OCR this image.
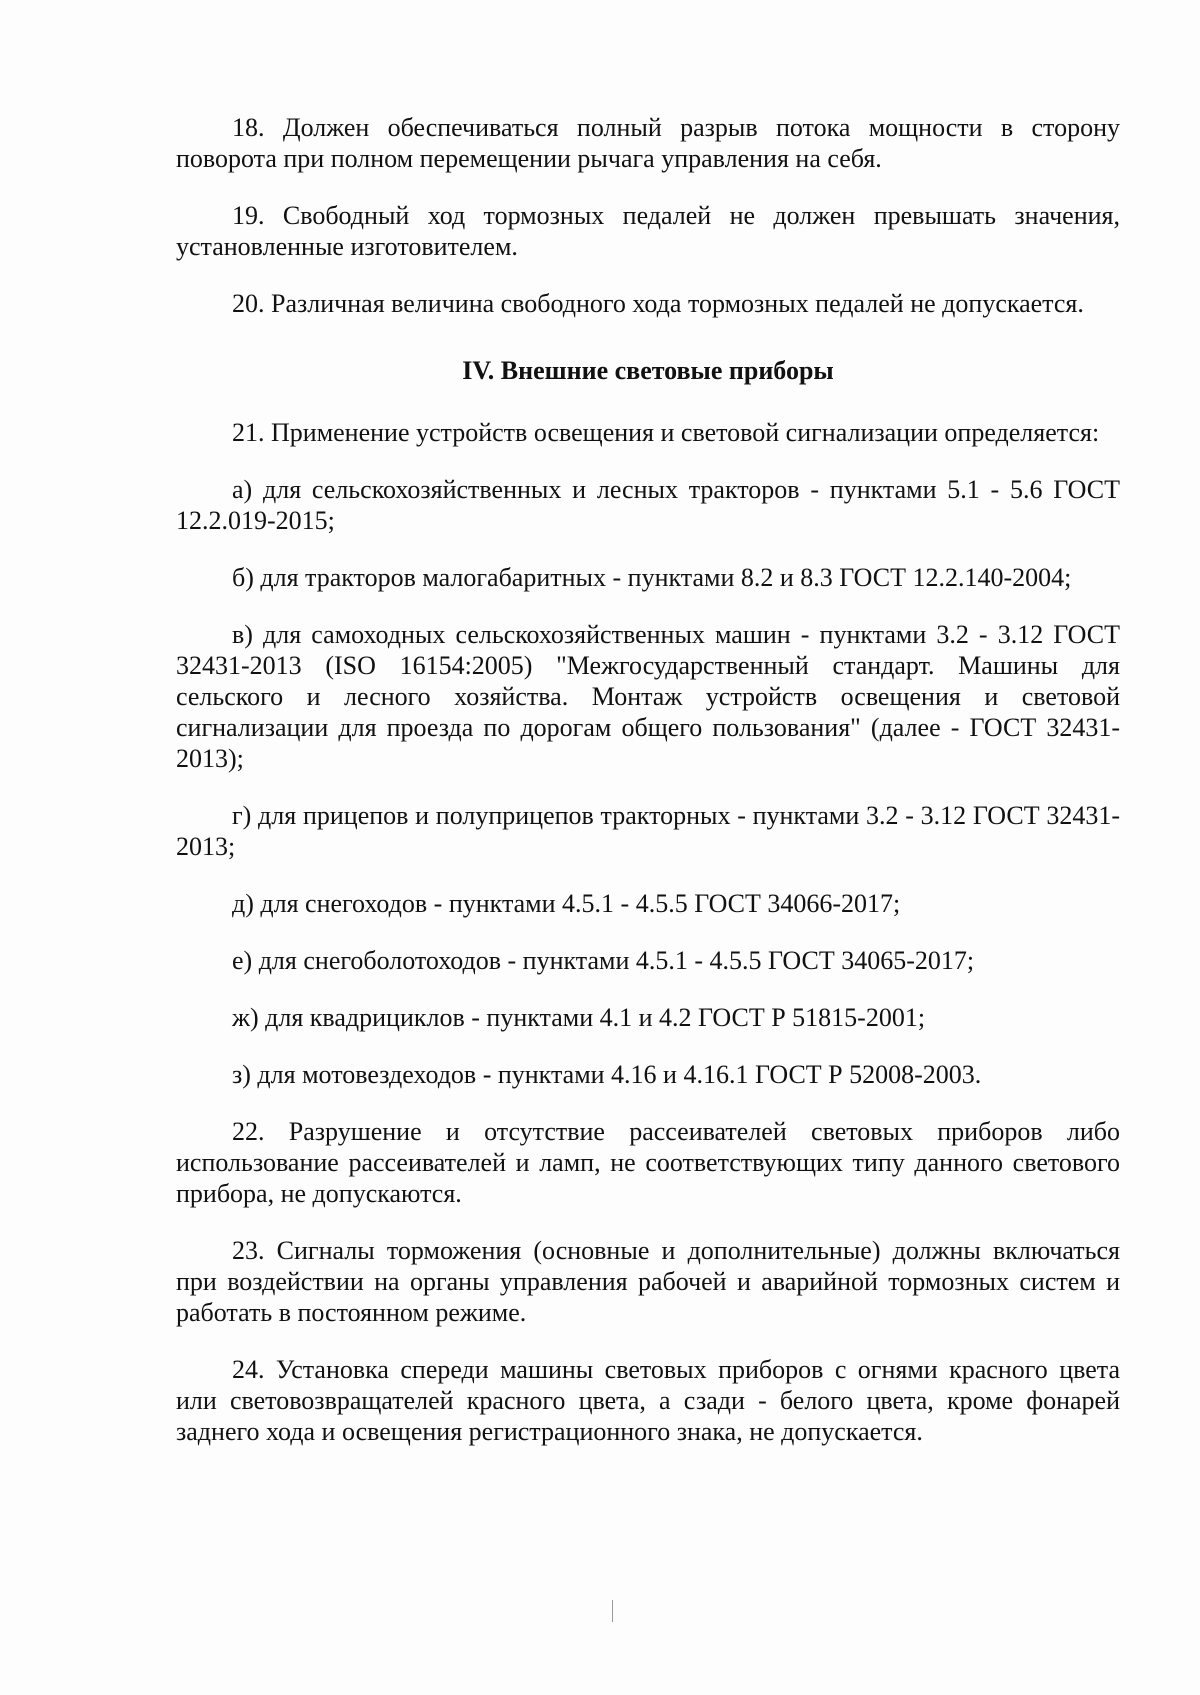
18. Должен обеспечиваться полный разрыв потока мощности в сторону поворота при полном перемещении рычага управления на себя.

19. Свободный ход тормозных педалей не должен превышать значения, установленные изготовителем.

20. Различная величина свободного хода тормозных педалей не допускается.

IV. Внешние световые приборы

21. Применение устройств освещения и световой сигнализации определяется:

а) для сельскохозяйственных и лесных тракторов - пунктами 5.1 - 5.6 ГОСТ 12.2.019-2015;

б) для тракторов малогабаритных - пунктами 8.2 и 8.3 ГОСТ 12.2.140-2004;

в) для самоходных сельскохозяйственных машин - пунктами 3.2 - 3.12 ГОСТ 32431-2013 (ISO 16154:2005) "Межгосударственный стандарт. Машины для сельского и лесного хозяйства. Монтаж устройств освещения и световой сигнализации для проезда по дорогам общего пользования" (далее - ГОСТ 32431-2013);

г) для прицепов и полуприцепов тракторных - пунктами 3.2 - 3.12 ГОСТ 32431-2013;

д) для снегоходов - пунктами 4.5.1 - 4.5.5 ГОСТ 34066-2017;

е) для снегоболотоходов - пунктами 4.5.1 - 4.5.5 ГОСТ 34065-2017;

ж) для квадрициклов - пунктами 4.1 и 4.2 ГОСТ Р 51815-2001;

з) для мотовездеходов - пунктами 4.16 и 4.16.1 ГОСТ Р 52008-2003.

22. Разрушение и отсутствие рассеивателей световых приборов либо использование рассеивателей и ламп, не соответствующих типу данного светового прибора, не допускаются.

23. Сигналы торможения (основные и дополнительные) должны включаться при воздействии на органы управления рабочей и аварийной тормозных систем и работать в постоянном режиме.

24. Установка спереди машины световых приборов с огнями красного цвета или световозвращателей красного цвета, а сзади - белого цвета, кроме фонарей заднего хода и освещения регистрационного знака, не допускается.
